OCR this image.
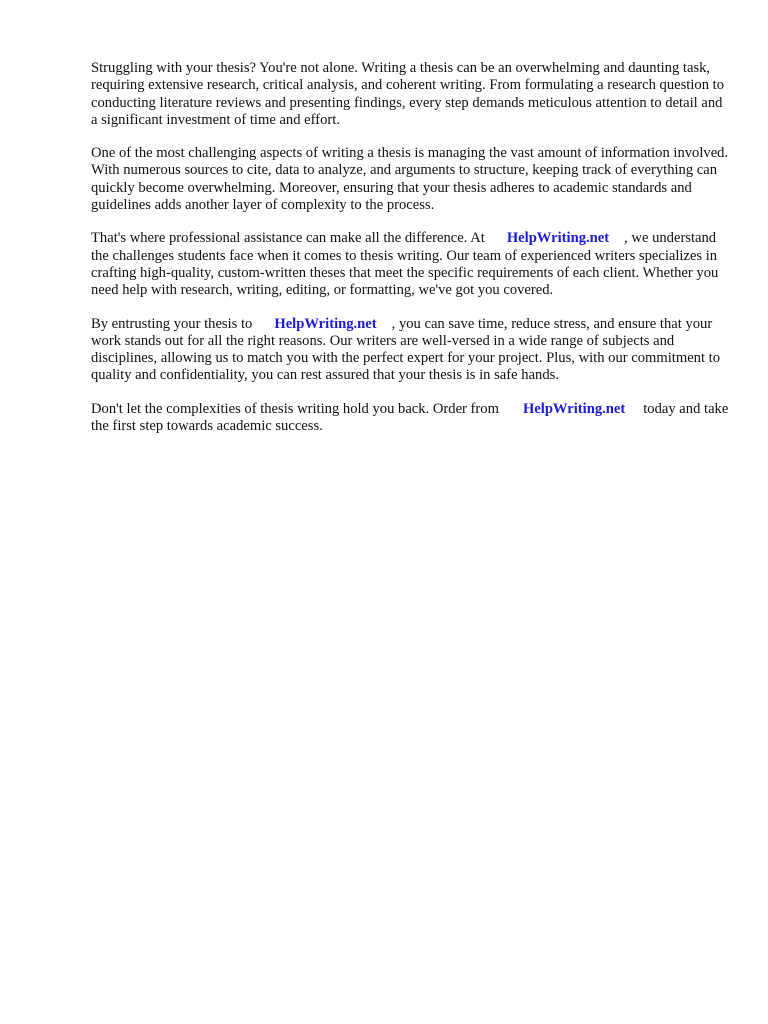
Struggling with your thesis? You're not alone. Writing a thesis can be an overwhelming and daunting task, requiring extensive research, critical analysis, and coherent writing. From formulating a research question to conducting literature reviews and presenting findings, every step demands meticulous attention to detail and a significant investment of time and effort.

One of the most challenging aspects of writing a thesis is managing the vast amount of information involved. With numerous sources to cite, data to analyze, and arguments to structure, keeping track of everything can quickly become overwhelming. Moreover, ensuring that your thesis adheres to academic standards and guidelines adds another layer of complexity to the process.

That's where professional assistance can make all the difference. At HelpWriting.net , we understand the challenges students face when it comes to thesis writing. Our team of experienced writers specializes in crafting high-quality, custom-written theses that meet the specific requirements of each client. Whether you need help with research, writing, editing, or formatting, we've got you covered.

By entrusting your thesis to HelpWriting.net , you can save time, reduce stress, and ensure that your work stands out for all the right reasons. Our writers are well-versed in a wide range of subjects and disciplines, allowing us to match you with the perfect expert for your project. Plus, with our commitment to quality and confidentiality, you can rest assured that your thesis is in safe hands.

Don't let the complexities of thesis writing hold you back. Order from HelpWriting.net today and take the first step towards academic success.
